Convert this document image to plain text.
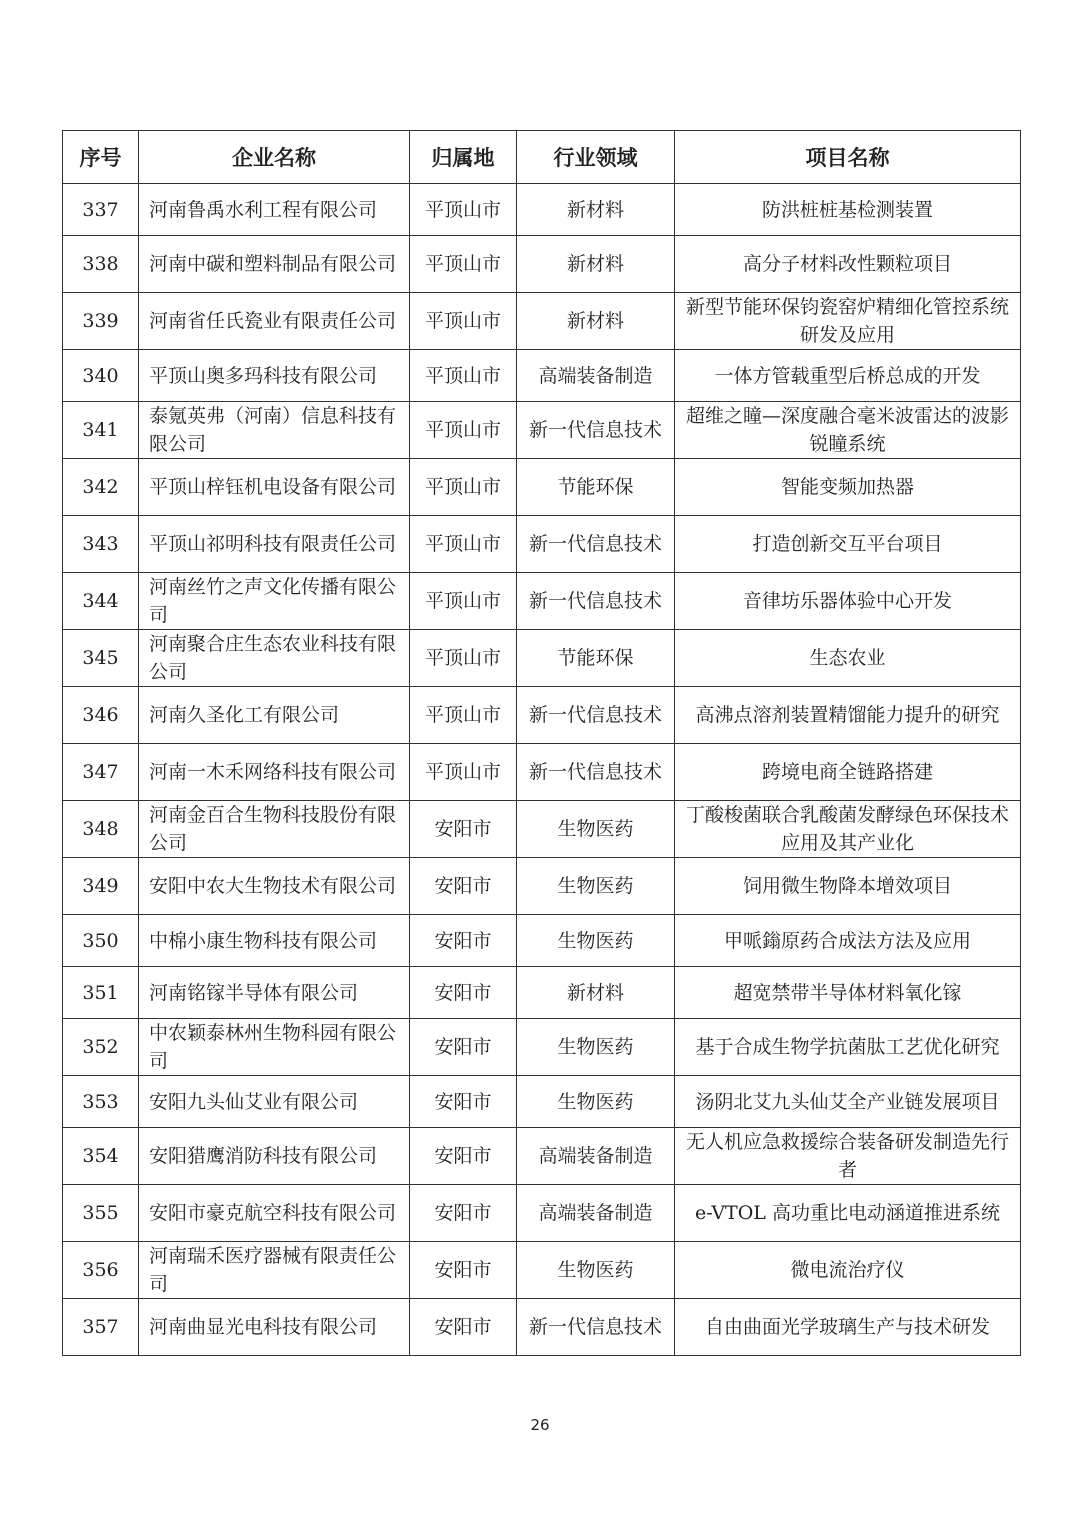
序号	企业名称	归属地	行业领域	项目名称
337	河南鲁禹水利工程有限公司	平顶山市	新材料	防洪桩桩基检测装置
338	河南中碳和塑料制品有限公司	平顶山市	新材料	高分子材料改性颗粒项目
339	河南省任氏瓷业有限责任公司	平顶山市	新材料	新型节能环保钧瓷窑炉精细化管控系统研发及应用
340	平顶山奥多玛科技有限公司	平顶山市	高端装备制造	一体方管载重型后桥总成的开发
341	泰氪英弗（河南）信息科技有限公司	平顶山市	新一代信息技术	超维之瞳—深度融合毫米波雷达的波影锐瞳系统
342	平顶山梓钰机电设备有限公司	平顶山市	节能环保	智能变频加热器
343	平顶山祁明科技有限责任公司	平顶山市	新一代信息技术	打造创新交互平台项目
344	河南丝竹之声文化传播有限公司	平顶山市	新一代信息技术	音律坊乐器体验中心开发
345	河南聚合庄生态农业科技有限公司	平顶山市	节能环保	生态农业
346	河南久圣化工有限公司	平顶山市	新一代信息技术	高沸点溶剂装置精馏能力提升的研究
347	河南一木禾网络科技有限公司	平顶山市	新一代信息技术	跨境电商全链路搭建
348	河南金百合生物科技股份有限公司	安阳市	生物医药	丁酸梭菌联合乳酸菌发酵绿色环保技术应用及其产业化
349	安阳中农大生物技术有限公司	安阳市	生物医药	饲用微生物降本增效项目
350	中棉小康生物科技有限公司	安阳市	生物医药	甲哌鎓原药合成法方法及应用
351	河南铭镓半导体有限公司	安阳市	新材料	超宽禁带半导体材料氧化镓
352	中农颖泰林州生物科园有限公司	安阳市	生物医药	基于合成生物学抗菌肽工艺优化研究
353	安阳九头仙艾业有限公司	安阳市	生物医药	汤阴北艾九头仙艾全产业链发展项目
354	安阳猎鹰消防科技有限公司	安阳市	高端装备制造	无人机应急救援综合装备研发制造先行者
355	安阳市豪克航空科技有限公司	安阳市	高端装备制造	e-VTOL 高功重比电动涵道推进系统
356	河南瑞禾医疗器械有限责任公司	安阳市	生物医药	微电流治疗仪
357	河南曲显光电科技有限公司	安阳市	新一代信息技术	自由曲面光学玻璃生产与技术研发
26
